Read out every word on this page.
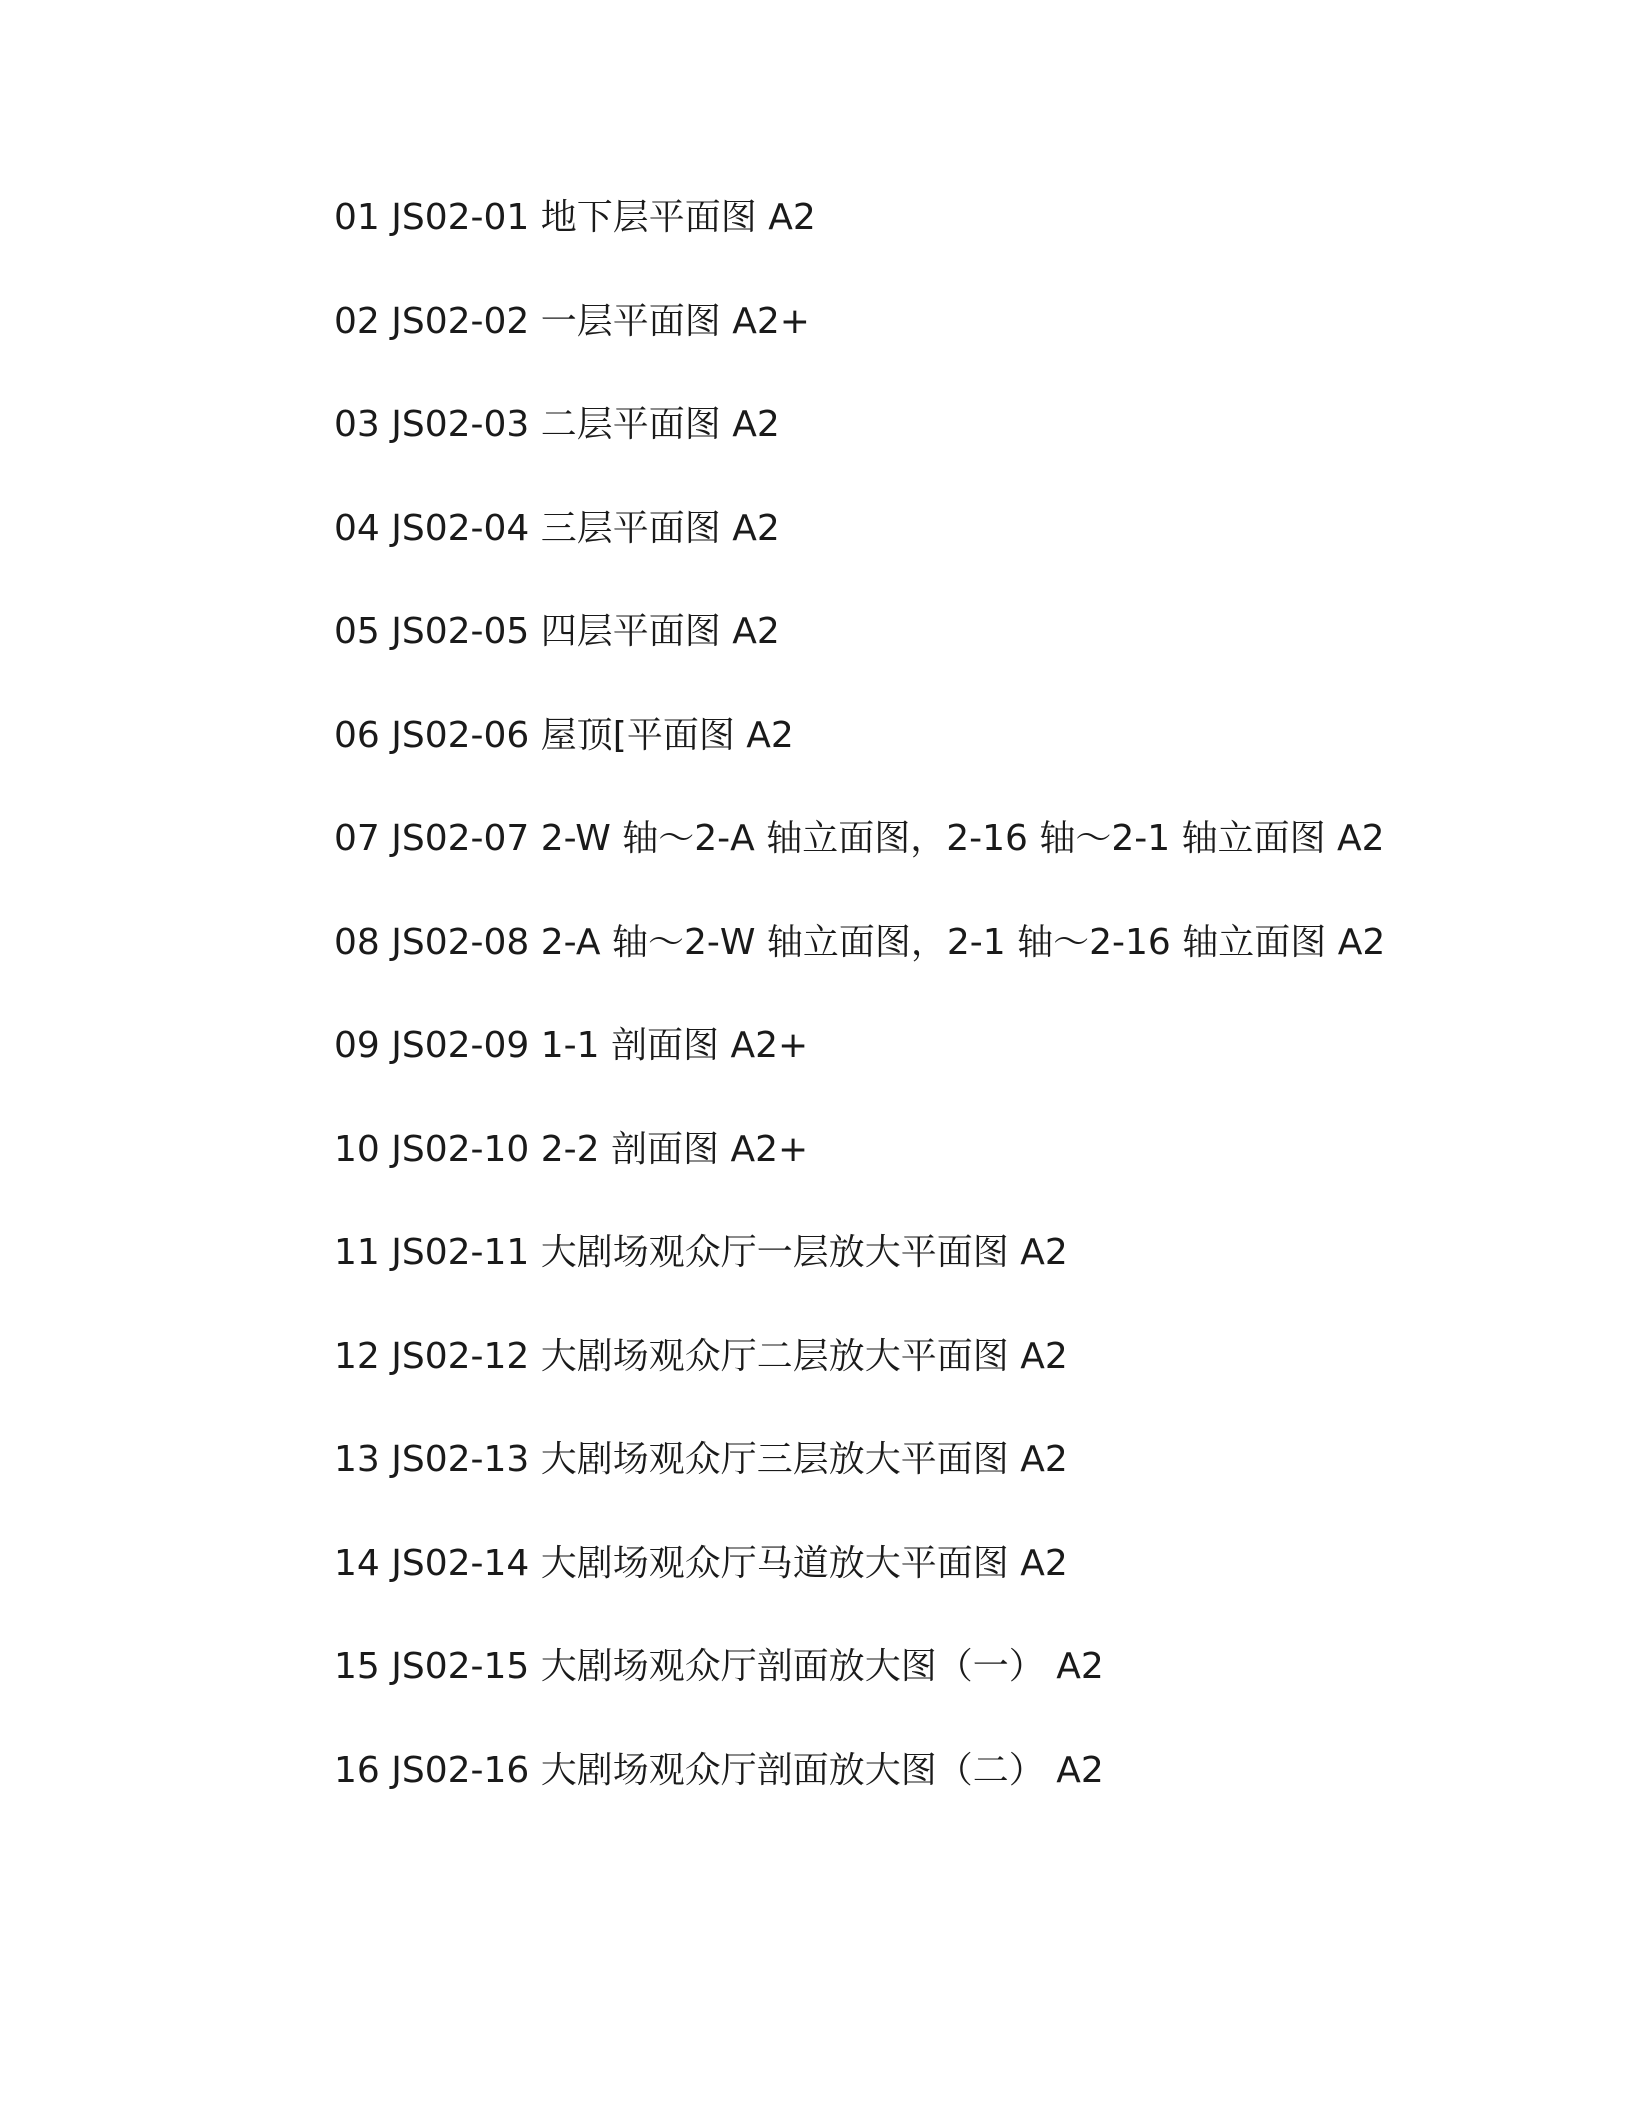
01 JS02-01 地下层平面图 A2
02 JS02-02 一层平面图 A2+
03 JS02-03 二层平面图 A2
04 JS02-04 三层平面图 A2
05 JS02-05 四层平面图 A2
06 JS02-06 屋顶[平面图 A2
07 JS02-07 2-W 轴～2-A 轴立面图，2-16 轴～2-1 轴立面图 A2
08 JS02-08 2-A 轴～2-W 轴立面图，2-1 轴～2-16 轴立面图 A2
09 JS02-09 1-1 剖面图 A2+
10 JS02-10 2-2 剖面图 A2+
11 JS02-11 大剧场观众厅一层放大平面图 A2
12 JS02-12 大剧场观众厅二层放大平面图 A2
13 JS02-13 大剧场观众厅三层放大平面图 A2
14 JS02-14 大剧场观众厅马道放大平面图 A2
15 JS02-15 大剧场观众厅剖面放大图（一） A2
16 JS02-16 大剧场观众厅剖面放大图（二） A2
